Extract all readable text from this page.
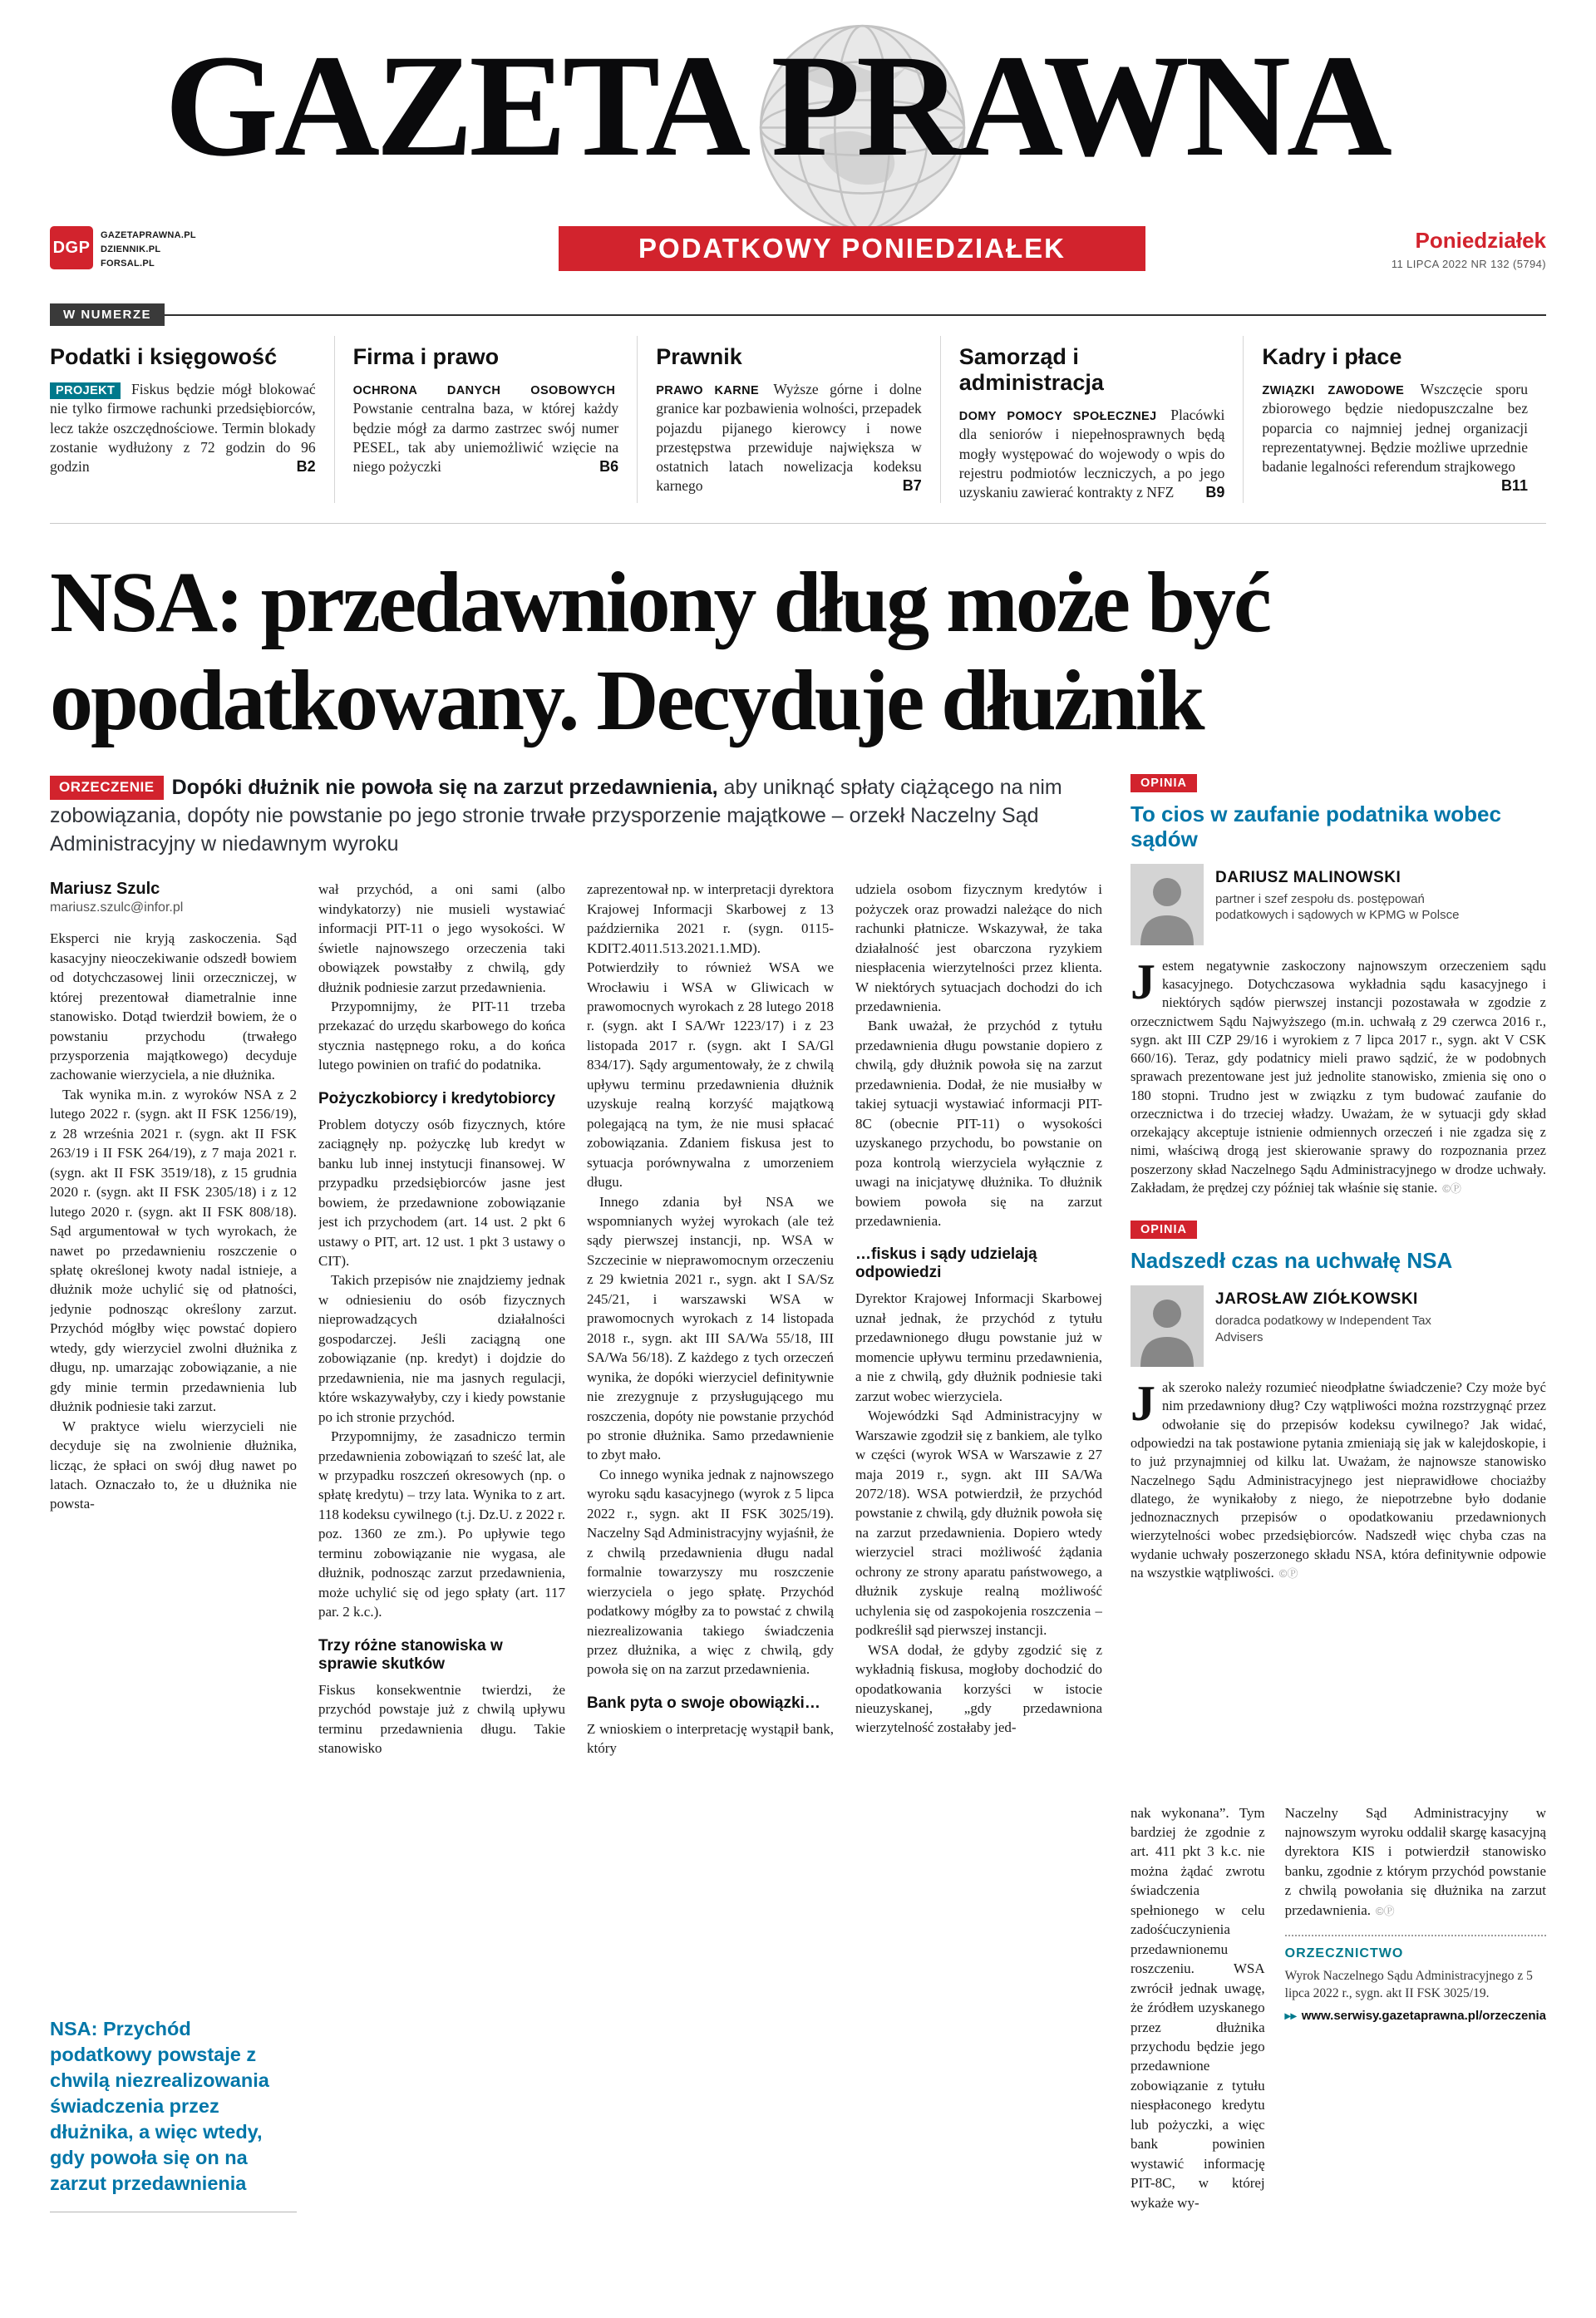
GAZETA PRAWNA
PODATKOWY PONIEDZIAŁEK
DGP
GAZETAPRAWNA.PL
DZIENNIK.PL
FORSAL.PL
Poniedziałek
11 LIPCA 2022 NR 132 (5794)
W NUMERZE
Podatki i księgowość

PROJEKT Fiskus będzie mógł blokować nie tylko firmowe rachunki przedsiębiorców, lecz także oszczędnościowe. Termin blokady zostanie wydłużony z 72 godzin do 96 godzin	B2

Firma i prawo

OCHRONA DANYCH OSOBOWYCH Powstanie centralna baza, w której każdy będzie mógł za darmo zastrzec swój numer PESEL, tak aby uniemożliwić wzięcie na niego pożyczki	B6

Prawnik

PRAWO KARNE Wyższe górne i dolne granice kar pozbawienia wolności, przepadek pojazdu pijanego kierowcy i nowe przestępstwa przewiduje największa w ostatnich latach nowelizacja kodeksu karnego	B7

Samorząd i administracja

DOMY POMOCY SPOŁECZNEJ Placówki dla seniorów i niepełnosprawnych będą mogły występować do wojewody o wpis do rejestru podmiotów leczniczych, a po jego uzyskaniu zawierać kontrakty z NFZ B9

Kadry i płace

ZWIĄZKI ZAWODOWE Wszczęcie sporu zbiorowego będzie niedopuszczalne bez poparcia co najmniej jednej organizacji reprezentatywnej. Będzie możliwe uprzednie badanie legalności referendum strajkowego
B11

NSA: przedawniony dług może być
opodatkowany. Decyduje dłużnik

ORZECZENIE Dopóki dłużnik nie powoła się na zarzut przedawnienia, aby uniknąć spłaty ciążącego na nim zobowiązania, dopóty nie powstanie po jego stronie trwałe przysporzenie majątkowe – orzekł Naczelny Sąd Administracyjny w niedawnym wyroku

Mariusz Szulc
mariusz.szulc@infor.pl

Eksperci nie kryją zaskoczenia. Sąd kasacyjny nieoczekiwanie odszedł bowiem od dotychczasowej linii orzeczniczej, w której prezentował diametralnie inne stanowisko. Dotąd twierdził bowiem, że o powstaniu przychodu (trwałego przysporzenia majątkowego) decyduje zachowanie wierzyciela, a nie dłużnika.

Tak wynika m.in. z wyroków NSA z 2 lutego 2022 r. (sygn. akt II FSK 1256/19), z 28 września 2021 r. (sygn. akt II FSK 263/19 i II FSK 264/19), z 7 maja 2021 r. (sygn. akt II FSK 3519/18), z 15 grudnia 2020 r. (sygn. akt II FSK 2305/18) i z 12 lutego 2020 r. (sygn. akt II FSK 808/18). Sąd argumentował w tych wyrokach, że nawet po przedawnieniu roszczenie o spłatę określonej kwoty nadal istnieje, a dłużnik może uchylić się od płatności, jedynie podnosząc określony zarzut. Przychód mógłby więc powstać dopiero wtedy, gdy wierzyciel zwolni dłużnika z długu, np. umarzając zobowiązanie, a nie gdy minie termin przedawnienia lub dłużnik podniesie taki zarzut.

W praktyce wielu wierzycieli nie decyduje się na zwolnienie dłużnika, licząc, że spłaci on swój dług nawet po latach. Oznaczało to, że u dłużnika nie powsta-

NSA: Przychód podatkowy powstaje z chwilą niezrealizowania świadczenia przez dłużnika, a więc wtedy, gdy powoła się on na zarzut przedawnienia

wał przychód, a oni sami (albo windykatorzy) nie musieli wystawiać informacji PIT-11 o jego wysokości. W świetle najnowszego orzeczenia taki obowiązek powstałby z chwilą, gdy dłużnik podniesie zarzut przedawnienia.

Przypomnijmy, że PIT-11 trzeba przekazać do urzędu skarbowego do końca stycznia następnego roku, a do końca lutego powinien on trafić do podatnika.

Pożyczkobiorcy i kredytobiorcy

Problem dotyczy osób fizycznych, które zaciągnęły np. pożyczkę lub kredyt w banku lub innej instytucji finansowej. W przypadku przedsiębiorców jasne jest bowiem, że przedawnione zobowiązanie jest ich przychodem (art. 14 ust. 2 pkt 6 ustawy o PIT, art. 12 ust. 1 pkt 3 ustawy o CIT).

Takich przepisów nie znajdziemy jednak w odniesieniu do osób fizycznych nieprowadzących działalności gospodarczej. Jeśli zaciągną one zobowiązanie (np. kredyt) i dojdzie do przedawnienia, nie ma jasnych regulacji, które wskazywałyby, czy i kiedy powstanie po ich stronie przychód.

Przypomnijmy, że zasadniczo termin przedawnienia zobowiązań to sześć lat, ale w przypadku roszczeń okresowych (np. o spłatę kredytu) – trzy lata. Wynika to z art. 118 kodeksu cywilnego (t.j. Dz.U. z 2022 r. poz. 1360 ze zm.). Po upływie tego terminu zobowiązanie nie wygasa, ale dłużnik, podnosząc zarzut przedawnienia, może uchylić się od jego spłaty (art. 117 par. 2 k.c.).

Trzy różne stanowiska w sprawie skutków

Fiskus konsekwentnie twierdzi, że przychód powstaje już z chwilą upływu terminu przedawnienia długu. Takie stanowisko

zaprezentował np. w interpretacji dyrektora Krajowej Informacji Skarbowej z 13 października 2021 r. (sygn. 0115-KDIT2.4011.513.2021.1.MD). Potwierdziły to również WSA we Wrocławiu i WSA w Gliwicach w prawomocnych wyrokach z 28 lutego 2018 r. (sygn. akt I SA/Wr 1223/17) i z 23 listopada 2017 r. (sygn. akt I SA/Gl 834/17). Sądy argumentowały, że z chwilą upływu terminu przedawnienia dłużnik uzyskuje realną korzyść majątkową polegającą na tym, że nie musi spłacać zobowiązania. Zdaniem fiskusa jest to sytuacja porównywalna z umorzeniem długu.

Innego zdania był NSA we wspomnianych wyżej wyrokach (ale też sądy pierwszej instancji, np. WSA w Szczecinie w nieprawomocnym orzeczeniu z 29 kwietnia 2021 r., sygn. akt I SA/Sz 245/21, i warszawski WSA w prawomocnych wyrokach z 14 listopada 2018 r., sygn. akt III SA/Wa 55/18, III SA/Wa 56/18). Z każdego z tych orzeczeń wynika, że dopóki wierzyciel definitywnie nie zrezygnuje z przysługującego mu roszczenia, dopóty nie powstanie przychód po stronie dłużnika. Samo przedawnienie to zbyt mało.

Co innego wynika jednak z najnowszego wyroku sądu kasacyjnego (wyrok z 5 lipca 2022 r., sygn. akt II FSK 3025/19). Naczelny Sąd Administracyjny wyjaśnił, że z chwilą przedawnienia długu nadal formalnie towarzyszy mu roszczenie wierzyciela o jego spłatę. Przychód podatkowy mógłby za to powstać z chwilą niezrealizowania takiego świadczenia przez dłużnika, a więc z chwilą, gdy powoła się on na zarzut przedawnienia.

Bank pyta o swoje obowiązki…

Z wnioskiem o interpretację wystąpił bank, który

udziela osobom fizycznym kredytów i pożyczek oraz prowadzi należące do nich rachunki płatnicze. Wskazywał, że taka działalność jest obarczona ryzykiem niespłacenia wierzytelności przez klienta. W niektórych sytuacjach dochodzi do ich przedawnienia.

Bank uważał, że przychód z tytułu przedawnienia długu powstanie dopiero z chwilą, gdy dłużnik powoła się na zarzut przedawnienia. Dodał, że nie musiałby w takiej sytuacji wystawiać informacji PIT-8C (obecnie PIT-11) o wysokości uzyskanego przychodu, bo powstanie on poza kontrolą wierzyciela wyłącznie z uwagi na inicjatywę dłużnika. To dłużnik bowiem powoła się na zarzut przedawnienia.

…fiskus i sądy udzielają odpowiedzi

Dyrektor Krajowej Informacji Skarbowej uznał jednak, że przychód z tytułu przedawnionego długu powstanie już w momencie upływu terminu przedawnienia, a nie z chwilą, gdy dłużnik podniesie taki zarzut wobec wierzyciela.

Wojewódzki Sąd Administracyjny w Warszawie zgodził się z bankiem, ale tylko w części (wyrok WSA w Warszawie z 27 maja 2019 r., sygn. akt III SA/Wa 2072/18). WSA potwierdził, że przychód powstanie z chwilą, gdy dłużnik powoła się na zarzut przedawnienia. Dopiero wtedy wierzyciel straci możliwość żądania ochrony ze strony aparatu państwowego, a dłużnik zyskuje realną możliwość uchylenia się od zaspokojenia roszczenia – podkreślił sąd pierwszej instancji.

WSA dodał, że gdyby zgodzić się z wykładnią fiskusa, mogłoby dochodzić do opodatkowania korzyści w istocie nieuzyskanej, „gdy przedawniona wierzytelność zostałaby jed-

OPINIA
To cios w zaufanie podatnika wobec sądów
DARIUSZ MALINOWSKI
partner i szef zespołu ds. postępowań podatkowych i sądowych w KPMG w Polsce

Jestem negatywnie zaskoczony najnowszym orzeczeniem sądu kasacyjnego. Dotychczasowa wykładnia sądu kasacyjnego i niektórych sądów pierwszej instancji pozostawała w zgodzie z orzecznictwem Sądu Najwyższego (m.in. uchwałą z 29 czerwca 2016 r., sygn. akt III CZP 29/16 i wyrokiem z 7 lipca 2017 r., sygn. akt V CSK 660/16). Teraz, gdy podatnicy mieli prawo sądzić, że w podobnych sprawach prezentowane jest już jednolite stanowisko, zmienia się ono o 180 stopni. Trudno jest w związku z tym budować zaufanie do orzecznictwa i do trzeciej władzy. Uważam, że w sytuacji gdy skład orzekający akceptuje istnienie odmiennych orzeczeń i nie zgadza się z nimi, właściwą drogą jest skierowanie sprawy do rozpoznania przez poszerzony skład Naczelnego Sądu Administracyjnego w drodze uchwały. Zakładam, że prędzej czy później tak właśnie się stanie. ©Ⓟ

OPINIA
Nadszedł czas na uchwałę NSA
JAROSŁAW ZIÓŁKOWSKI
doradca podatkowy w Independent Tax Advisers

Jak szeroko należy rozumieć nieodpłatne świadczenie? Czy może być nim przedawniony dług? Czy wątpliwości można rozstrzygnąć przez odwołanie się do przepisów kodeksu cywilnego? Jak widać, odpowiedzi na tak postawione pytania zmieniają się jak w kalejdoskopie, i to już przynajmniej od kilku lat. Uważam, że najnowsze stanowisko Naczelnego Sądu Administracyjnego jest nieprawidłowe chociażby dlatego, że wynikałoby z niego, że niepotrzebne było dodanie jednoznacznych przepisów o opodatkowaniu przedawnionych wierzytelności wobec przedsiębiorców. Nadszedł więc chyba czas na wydanie uchwały poszerzonego składu NSA, która definitywnie odpowie na wszystkie wątpliwości. ©Ⓟ

nak wykonana”. Tym bardziej że zgodnie z art. 411 pkt 3 k.c. nie można żądać zwrotu świadczenia spełnionego w celu zadośćuczynienia przedawnionemu roszczeniu. WSA zwrócił jednak uwagę, że źródłem uzyskanego przez dłużnika przychodu będzie jego przedawnione zobowiązanie z tytułu niespłaconego kredytu lub pożyczki, a więc bank powinien wystawić informację PIT-8C, w której wykaże wy-

Naczelny Sąd Administracyjny w najnowszym wyroku oddalił skargę kasacyjną dyrektora KIS i potwierdził stanowisko banku, zgodnie z którym przychód powstanie z chwilą powołania się dłużnika na zarzut przedawnienia. ©Ⓟ

ORZECZNICTWO
Wyrok Naczelnego Sądu Administracyjnego z 5 lipca 2022 r., sygn. akt II FSK 3025/19.
▸▸ www.serwisy.gazetaprawna.pl/orzeczenia
